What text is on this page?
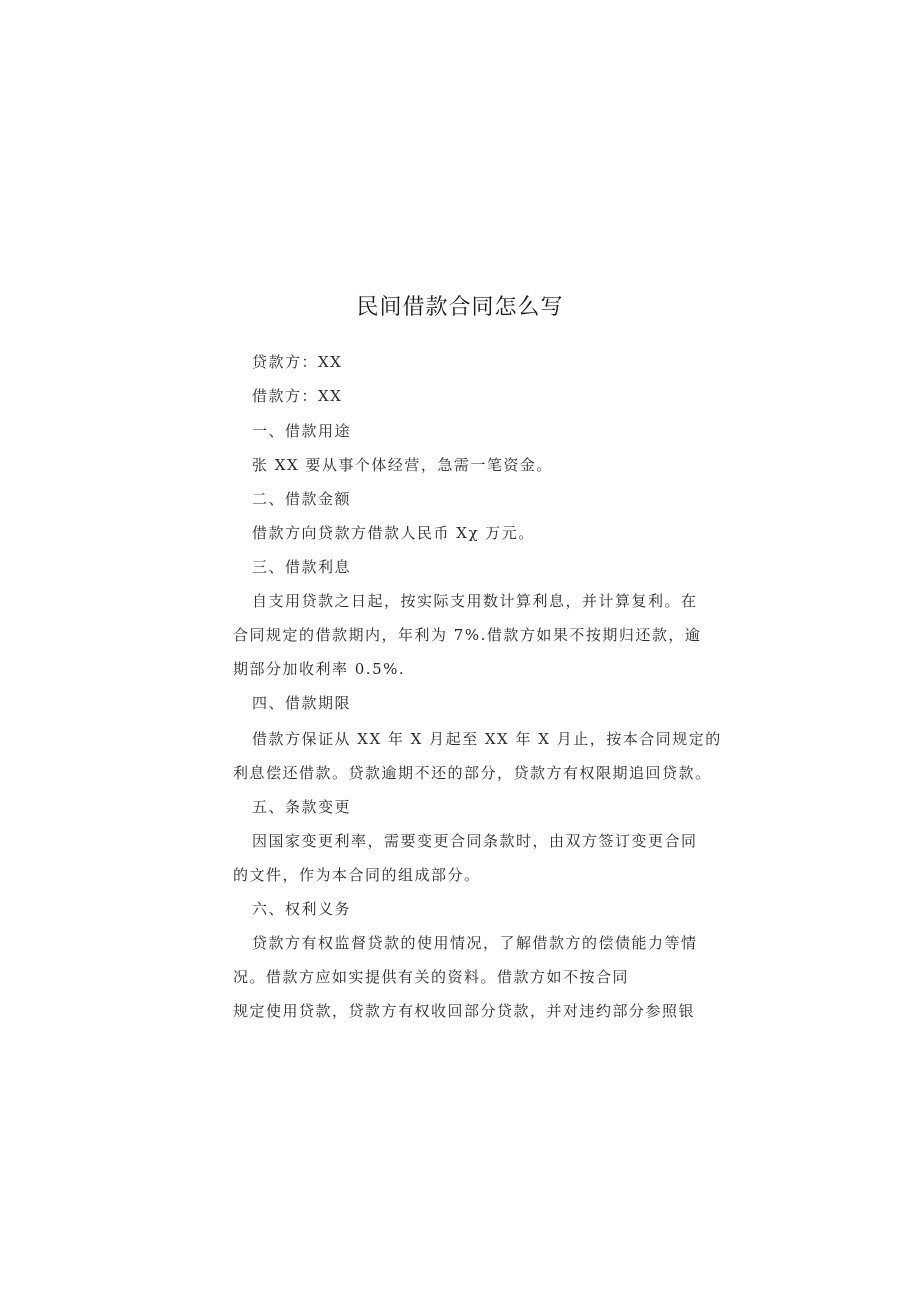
民间借款合同怎么写
贷款方：XX
借款方：XX
一、借款用途
张 XX 要从事个体经营，急需一笔资金。
二、借款金额
借款方向贷款方借款人民币 Xχ 万元。
三、借款利息
自支用贷款之日起，按实际支用数计算利息，并计算复利。在
合同规定的借款期内，年利为 7%.借款方如果不按期归还款，逾
期部分加收利率 0.5%.
四、借款期限
借款方保证从 XX 年 X 月起至 XX 年 X 月止，按本合同规定的
利息偿还借款。贷款逾期不还的部分，贷款方有权限期追回贷款。
五、条款变更
因国家变更利率，需要变更合同条款时，由双方签订变更合同
的文件，作为本合同的组成部分。
六、权利义务
贷款方有权监督贷款的使用情况，了解借款方的偿债能力等情
况。借款方应如实提供有关的资料。借款方如不按合同
规定使用贷款，贷款方有权收回部分贷款，并对违约部分参照银
